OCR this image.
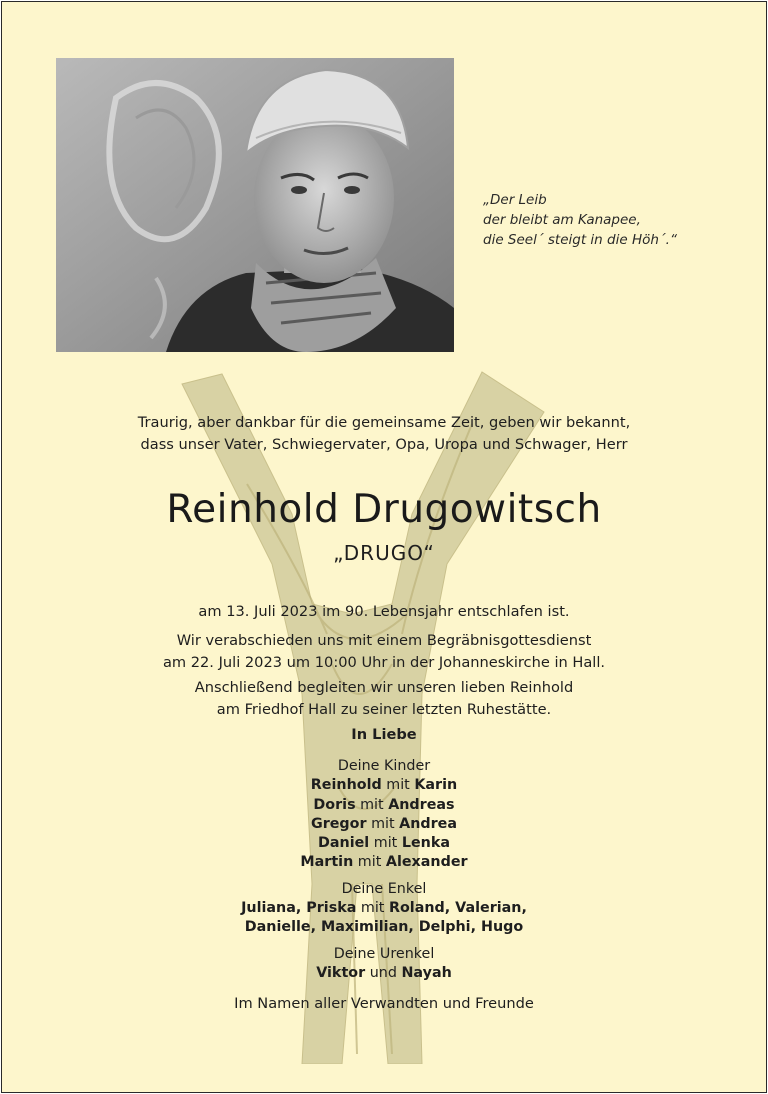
„Der Leib
der bleibt am Kanapee,
die Seel´ steigt in die Höh´.“
Traurig, aber dankbar für die gemeinsame Zeit, geben wir bekannt,
dass unser Vater, Schwiegervater, Opa, Uropa und Schwager, Herr
Reinhold Drugowitsch
„DRUGO“
am 13. Juli 2023 im 90. Lebensjahr entschlafen ist.
Wir verabschieden uns mit einem Begräbnisgottesdienst
am 22. Juli 2023 um 10:00 Uhr in der Johanneskirche in Hall.
Anschließend begleiten wir unseren lieben Reinhold
am Friedhof Hall zu seiner letzten Ruhestätte.
In Liebe
Deine Kinder
Reinhold mit Karin
Doris mit Andreas
Gregor mit Andrea
Daniel mit Lenka
Martin mit Alexander
Deine Enkel
Juliana, Priska mit Roland, Valerian,
Danielle, Maximilian, Delphi, Hugo
Deine Urenkel
Viktor und Nayah
Im Namen aller Verwandten und Freunde
